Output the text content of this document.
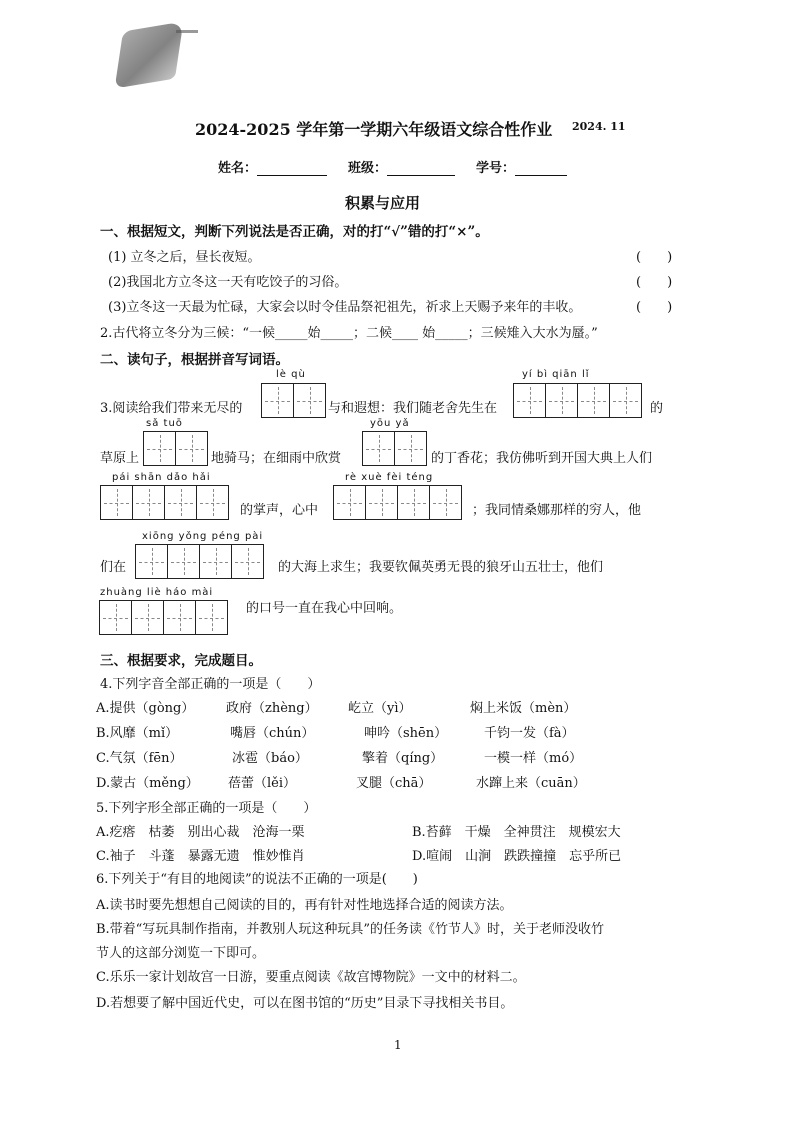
2024-2025 学年第一学期六年级语文综合性作业 2024. 11
姓名：	班级：	学号：
积累与应用
一、根据短文，判断下列说法是否正确，对的打“√”错的打“×”。
(1) 立冬之后，昼长夜短。	(　　)
(2)我国北方立冬这一天有吃饺子的习俗。	(　　)
(3)立冬这一天最为忙碌，大家会以时令佳品祭祀祖先，祈求上天赐予来年的丰收。	(　　)
2.古代将立冬分为三候：“一候_____始_____；二候____ 始_____；三候雉入大水为蜃。”
二、读句子，根据拼音写词语。
lè qù	yí bì qiān lǐ
3.阅读给我们带来无尽的	与和遐想：我们随老舍先生在	的
sǎ tuō	yōu yǎ
草原上	地骑马；在细雨中欣赏	的丁香花；我仿佛听到开国大典上人们
pái shān dǎo hǎi	rè xuè fèi téng
的掌声，心中	；我同情桑娜那样的穷人，他
xiōng yǒng péng pài
们在	的大海上求生；我要钦佩英勇无畏的狼牙山五壮士，他们
zhuàng liè háo mài
的口号一直在我心中回响。
三、根据要求，完成题目。
4.下列字音全部正确的一项是（　　）
A.提供（gòng） 政府（zhèng） 屹立（yì）	焖上米饭（mèn）
B.风靡（mǐ）	嘴唇（chún）	呻吟（shēn）	千钧一发（fà）
C.气氛（fēn）	冰雹（báo）	擎着（qíng）	一模一样（mó）
D.蒙古（měng） 蓓蕾（lěi）	叉腿（chā）	水蹿上来（cuān）
5.下列字形全部正确的一项是（　　）
A.疙瘩　枯萎　别出心裁　沧海一栗	B.苔藓　干燥　全神贯注　规模宏大
C.袖子　斗蓬　暴露无遗　惟妙惟肖	D.喧闹　山涧　跌跌撞撞　忘乎所已
6.下列关于“有目的地阅读”的说法不正确的一项是(　　)
A.读书时要先想想自己阅读的目的，再有针对性地选择合适的阅读方法。
B.带着“写玩具制作指南，并教别人玩这种玩具”的任务读《竹节人》时，关于老师没收竹
节人的这部分浏览一下即可。
C.乐乐一家计划故宫一日游，要重点阅读《故宫博物院》一文中的材料二。
D.若想要了解中国近代史，可以在图书馆的“历史”目录下寻找相关书目。
1
